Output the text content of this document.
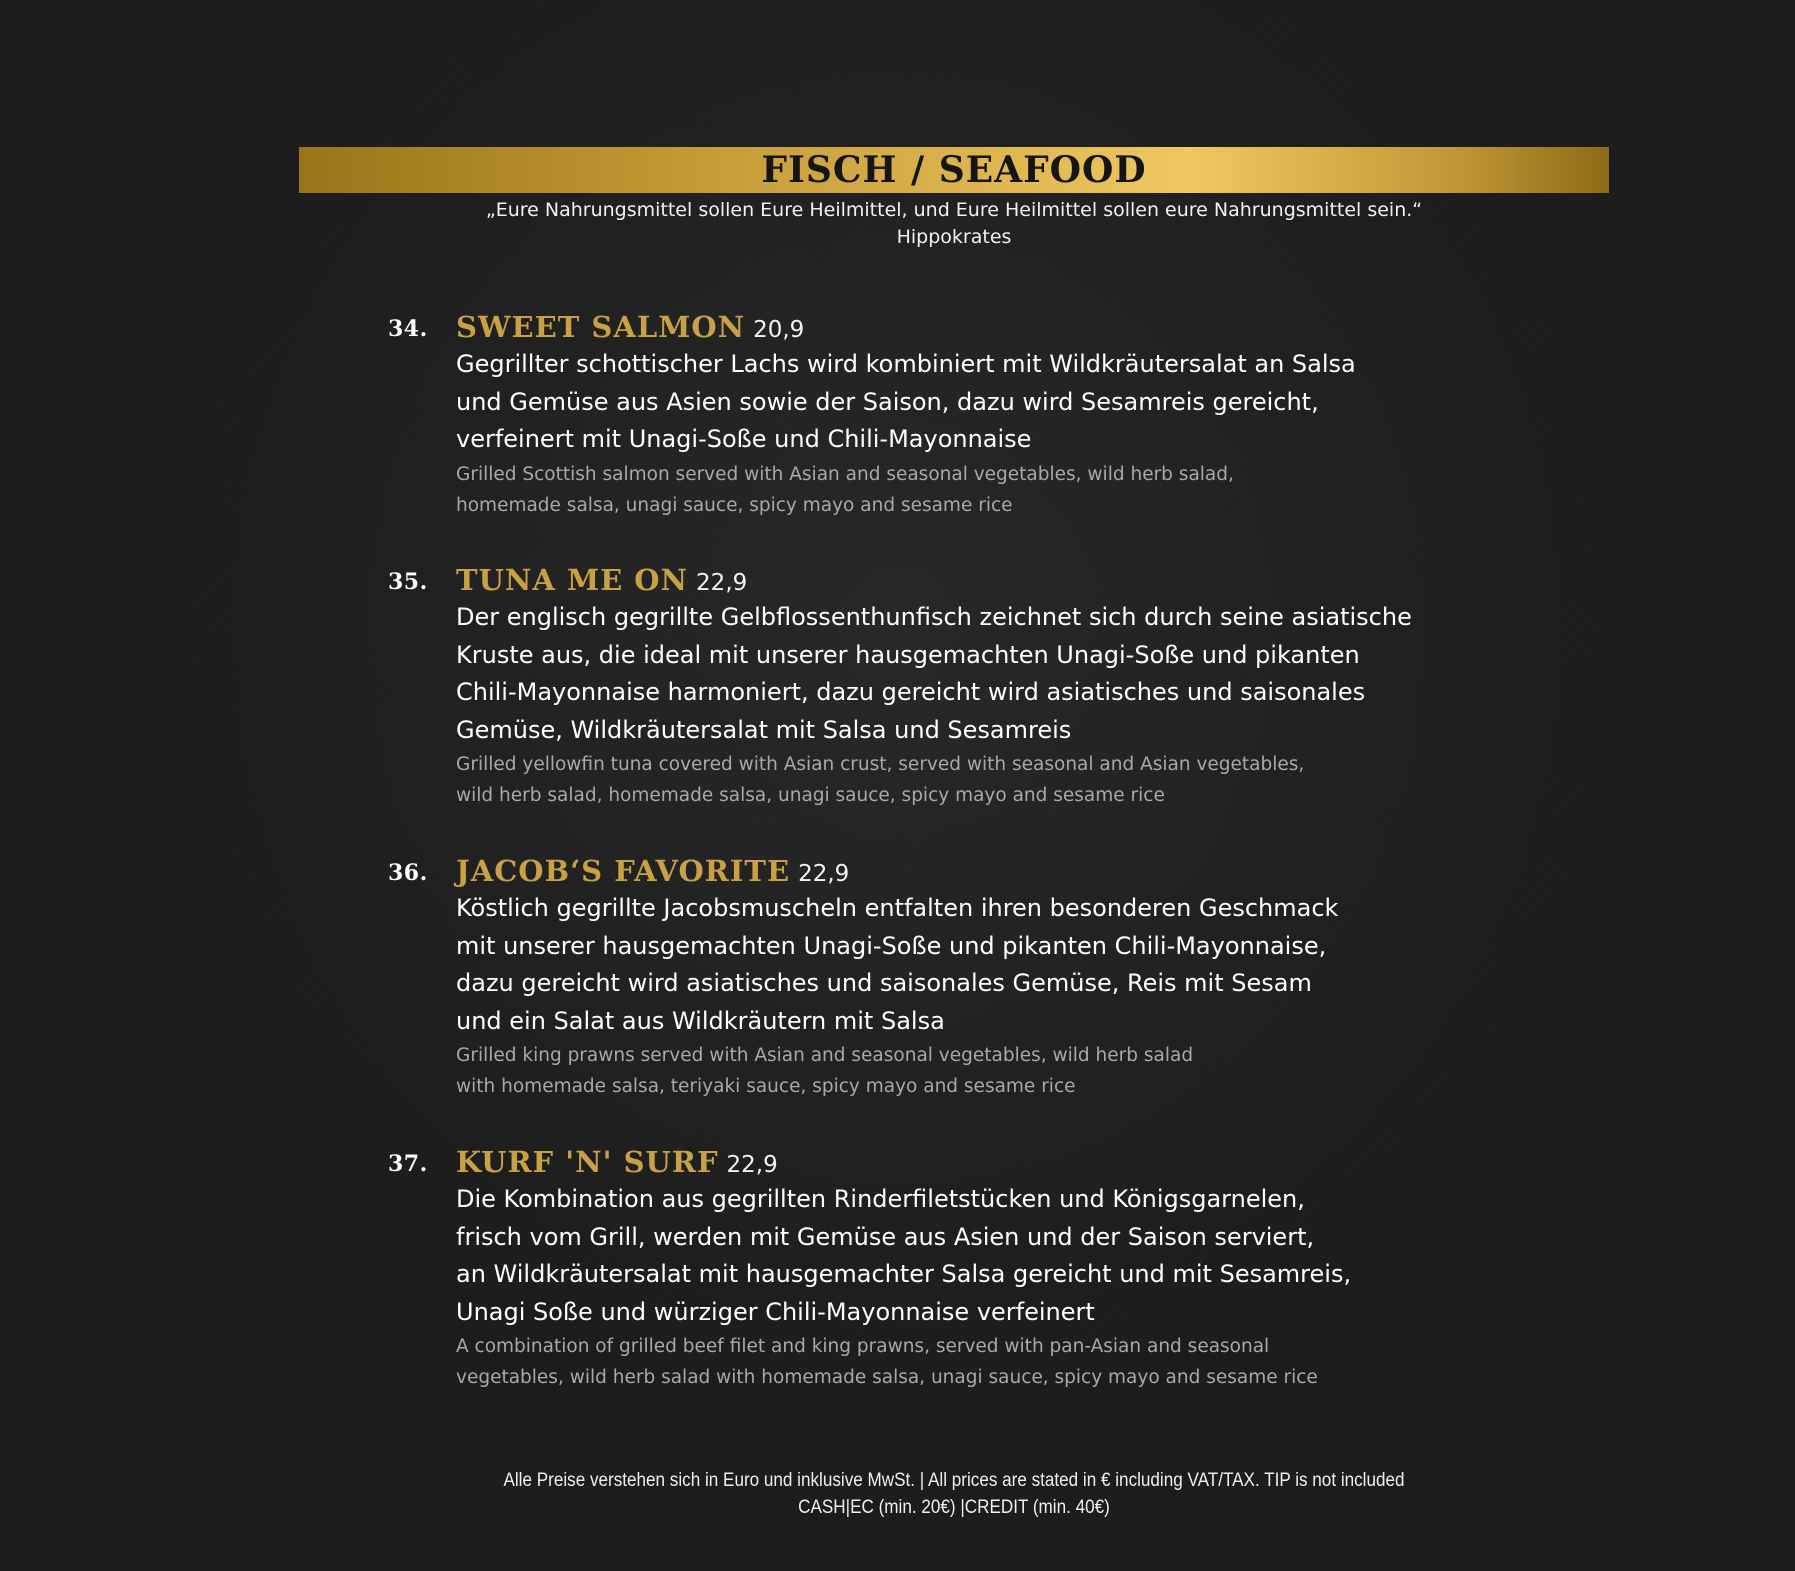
FISCH / SEAFOOD
„Eure Nahrungsmittel sollen Eure Heilmittel, und Eure Heilmittel sollen eure Nahrungsmittel sein.“
Hippokrates
34. SWEET SALMON 20,9
Gegrillter schottischer Lachs wird kombiniert mit Wildkräutersalat an Salsa
und Gemüse aus Asien sowie der Saison, dazu wird Sesamreis gereicht,
verfeinert mit Unagi-Soße und Chili-Mayonnaise
Grilled Scottish salmon served with Asian and seasonal vegetables, wild herb salad,
homemade salsa, unagi sauce, spicy mayo and sesame rice
35. TUNA ME ON 22,9
Der englisch gegrillte Gelbflossenthunfisch zeichnet sich durch seine asiatische
Kruste aus, die ideal mit unserer hausgemachten Unagi-Soße und pikanten
Chili-Mayonnaise harmoniert, dazu gereicht wird asiatisches und saisonales
Gemüse, Wildkräutersalat mit Salsa und Sesamreis
Grilled yellowfin tuna covered with Asian crust, served with seasonal and Asian vegetables,
wild herb salad, homemade salsa, unagi sauce, spicy mayo and sesame rice
36. JACOB‘S FAVORITE 22,9
Köstlich gegrillte Jacobsmuscheln entfalten ihren besonderen Geschmack
mit unserer hausgemachten Unagi-Soße und pikanten Chili-Mayonnaise,
dazu gereicht wird asiatisches und saisonales Gemüse, Reis mit Sesam
und ein Salat aus Wildkräutern mit Salsa
Grilled king prawns served with Asian and seasonal vegetables, wild herb salad
with homemade salsa, teriyaki sauce, spicy mayo and sesame rice
37. KURF 'N' SURF 22,9
Die Kombination aus gegrillten Rinderfiletstücken und Königsgarnelen,
frisch vom Grill, werden mit Gemüse aus Asien und der Saison serviert,
an Wildkräutersalat mit hausgemachter Salsa gereicht und mit Sesamreis,
Unagi Soße und würziger Chili-Mayonnaise verfeinert
A combination of grilled beef filet and king prawns, served with pan-Asian and seasonal
vegetables, wild herb salad with homemade salsa, unagi sauce, spicy mayo and sesame rice
Alle Preise verstehen sich in Euro und inklusive MwSt. | All prices are stated in € including VAT/TAX. TIP is not included
CASH|EC (min. 20€) |CREDIT (min. 40€)
